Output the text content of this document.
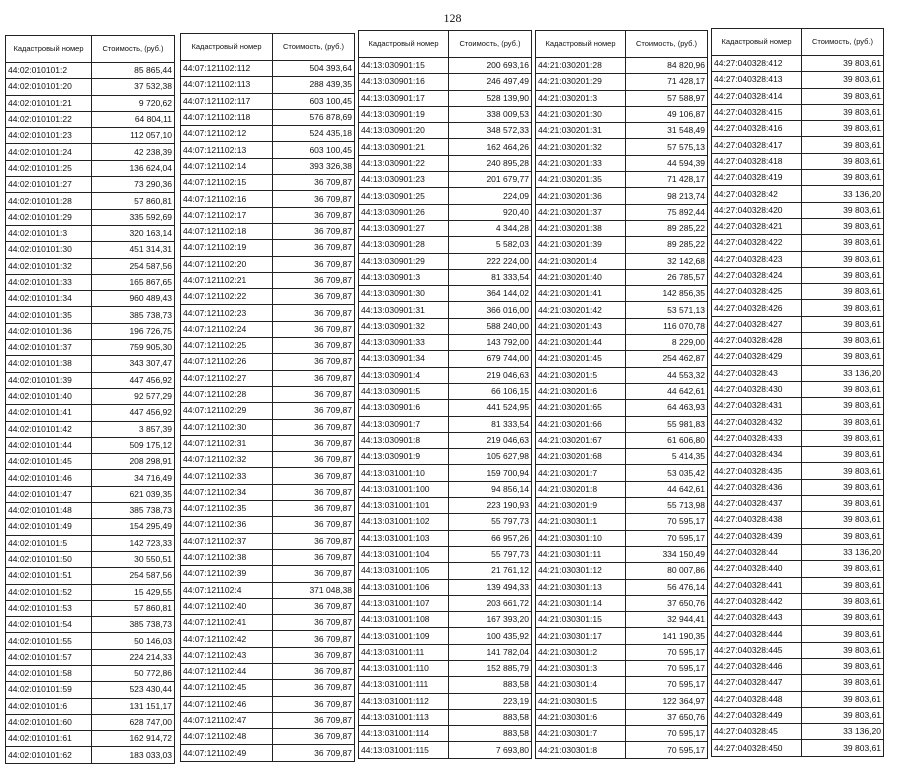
128
Кадастровый номер	Стоимость, (руб.)
44:02:010101:2	85 865,44
44:02:010101:20	37 532,38
44:02:010101:21	9 720,62
44:02:010101:22	64 804,11
44:02:010101:23	112 057,10
44:02:010101:24	42 238,39
44:02:010101:25	136 624,04
44:02:010101:27	73 290,36
44:02:010101:28	57 860,81
44:02:010101:29	335 592,69
44:02:010101:3	320 163,14
44:02:010101:30	451 314,31
44:02:010101:32	254 587,56
44:02:010101:33	165 867,65
44:02:010101:34	960 489,43
44:02:010101:35	385 738,73
44:02:010101:36	196 726,75
44:02:010101:37	759 905,30
44:02:010101:38	343 307,47
44:02:010101:39	447 456,92
44:02:010101:40	92 577,29
44:02:010101:41	447 456,92
44:02:010101:42	3 857,39
44:02:010101:44	509 175,12
44:02:010101:45	208 298,91
44:02:010101:46	34 716,49
44:02:010101:47	621 039,35
44:02:010101:48	385 738,73
44:02:010101:49	154 295,49
44:02:010101:5	142 723,33
44:02:010101:50	30 550,51
44:02:010101:51	254 587,56
44:02:010101:52	15 429,55
44:02:010101:53	57 860,81
44:02:010101:54	385 738,73
44:02:010101:55	50 146,03
44:02:010101:57	224 214,33
44:02:010101:58	50 772,86
44:02:010101:59	523 430,44
44:02:010101:6	131 151,17
44:02:010101:60	628 747,00
44:02:010101:61	162 914,72
44:02:010101:62	183 033,03
Кадастровый номер	Стоимость, (руб.)
44:07:121102:112	504 393,64
44:07:121102:113	288 439,35
44:07:121102:117	603 100,45
44:07:121102:118	576 878,69
44:07:121102:12	524 435,18
44:07:121102:13	603 100,45
44:07:121102:14	393 326,38
44:07:121102:15	36 709,87
44:07:121102:16	36 709,87
44:07:121102:17	36 709,87
44:07:121102:18	36 709,87
44:07:121102:19	36 709,87
44:07:121102:20	36 709,87
44:07:121102:21	36 709,87
44:07:121102:22	36 709,87
44:07:121102:23	36 709,87
44:07:121102:24	36 709,87
44:07:121102:25	36 709,87
44:07:121102:26	36 709,87
44:07:121102:27	36 709,87
44:07:121102:28	36 709,87
44:07:121102:29	36 709,87
44:07:121102:30	36 709,87
44:07:121102:31	36 709,87
44:07:121102:32	36 709,87
44:07:121102:33	36 709,87
44:07:121102:34	36 709,87
44:07:121102:35	36 709,87
44:07:121102:36	36 709,87
44:07:121102:37	36 709,87
44:07:121102:38	36 709,87
44:07:121102:39	36 709,87
44:07:121102:4	371 048,38
44:07:121102:40	36 709,87
44:07:121102:41	36 709,87
44:07:121102:42	36 709,87
44:07:121102:43	36 709,87
44:07:121102:44	36 709,87
44:07:121102:45	36 709,87
44:07:121102:46	36 709,87
44:07:121102:47	36 709,87
44:07:121102:48	36 709,87
44:07:121102:49	36 709,87
Кадастровый номер	Стоимость, (руб.)
44:13:030901:15	200 693,16
44:13:030901:16	246 497,49
44:13:030901:17	528 139,90
44:13:030901:19	338 009,53
44:13:030901:20	348 572,33
44:13:030901:21	162 464,26
44:13:030901:22	240 895,28
44:13:030901:23	201 679,77
44:13:030901:25	224,09
44:13:030901:26	920,40
44:13:030901:27	4 344,28
44:13:030901:28	5 582,03
44:13:030901:29	222 224,00
44:13:030901:3	81 333,54
44:13:030901:30	364 144,02
44:13:030901:31	366 016,00
44:13:030901:32	588 240,00
44:13:030901:33	143 792,00
44:13:030901:34	679 744,00
44:13:030901:4	219 046,63
44:13:030901:5	66 106,15
44:13:030901:6	441 524,95
44:13:030901:7	81 333,54
44:13:030901:8	219 046,63
44:13:030901:9	105 627,98
44:13:031001:10	159 700,94
44:13:031001:100	94 856,14
44:13:031001:101	223 190,93
44:13:031001:102	55 797,73
44:13:031001:103	66 957,26
44:13:031001:104	55 797,73
44:13:031001:105	21 761,12
44:13:031001:106	139 494,33
44:13:031001:107	203 661,72
44:13:031001:108	167 393,20
44:13:031001:109	100 435,92
44:13:031001:11	141 782,04
44:13:031001:110	152 885,79
44:13:031001:111	883,58
44:13:031001:112	223,19
44:13:031001:113	883,58
44:13:031001:114	883,58
44:13:031001:115	7 693,80
Кадастровый номер	Стоимость, (руб.)
44:21:030201:28	84 820,96
44:21:030201:29	71 428,17
44:21:030201:3	57 588,97
44:21:030201:30	49 106,87
44:21:030201:31	31 548,49
44:21:030201:32	57 575,13
44:21:030201:33	44 594,39
44:21:030201:35	71 428,17
44:21:030201:36	98 213,74
44:21:030201:37	75 892,44
44:21:030201:38	89 285,22
44:21:030201:39	89 285,22
44:21:030201:4	32 142,68
44:21:030201:40	26 785,57
44:21:030201:41	142 856,35
44:21:030201:42	53 571,13
44:21:030201:43	116 070,78
44:21:030201:44	8 229,00
44:21:030201:45	254 462,87
44:21:030201:5	44 553,32
44:21:030201:6	44 642,61
44:21:030201:65	64 463,93
44:21:030201:66	55 981,83
44:21:030201:67	61 606,80
44:21:030201:68	5 414,35
44:21:030201:7	53 035,42
44:21:030201:8	44 642,61
44:21:030201:9	55 713,98
44:21:030301:1	70 595,17
44:21:030301:10	70 595,17
44:21:030301:11	334 150,49
44:21:030301:12	80 007,86
44:21:030301:13	56 476,14
44:21:030301:14	37 650,76
44:21:030301:15	32 944,41
44:21:030301:17	141 190,35
44:21:030301:2	70 595,17
44:21:030301:3	70 595,17
44:21:030301:4	70 595,17
44:21:030301:5	122 364,97
44:21:030301:6	37 650,76
44:21:030301:7	70 595,17
44:21:030301:8	70 595,17
Кадастровый номер	Стоимость, (руб.)
44:27:040328:412	39 803,61
44:27:040328:413	39 803,61
44:27:040328:414	39 803,61
44:27:040328:415	39 803,61
44:27:040328:416	39 803,61
44:27:040328:417	39 803,61
44:27:040328:418	39 803,61
44:27:040328:419	39 803,61
44:27:040328:42	33 136,20
44:27:040328:420	39 803,61
44:27:040328:421	39 803,61
44:27:040328:422	39 803,61
44:27:040328:423	39 803,61
44:27:040328:424	39 803,61
44:27:040328:425	39 803,61
44:27:040328:426	39 803,61
44:27:040328:427	39 803,61
44:27:040328:428	39 803,61
44:27:040328:429	39 803,61
44:27:040328:43	33 136,20
44:27:040328:430	39 803,61
44:27:040328:431	39 803,61
44:27:040328:432	39 803,61
44:27:040328:433	39 803,61
44:27:040328:434	39 803,61
44:27:040328:435	39 803,61
44:27:040328:436	39 803,61
44:27:040328:437	39 803,61
44:27:040328:438	39 803,61
44:27:040328:439	39 803,61
44:27:040328:44	33 136,20
44:27:040328:440	39 803,61
44:27:040328:441	39 803,61
44:27:040328:442	39 803,61
44:27:040328:443	39 803,61
44:27:040328:444	39 803,61
44:27:040328:445	39 803,61
44:27:040328:446	39 803,61
44:27:040328:447	39 803,61
44:27:040328:448	39 803,61
44:27:040328:449	39 803,61
44:27:040328:45	33 136,20
44:27:040328:450	39 803,61
